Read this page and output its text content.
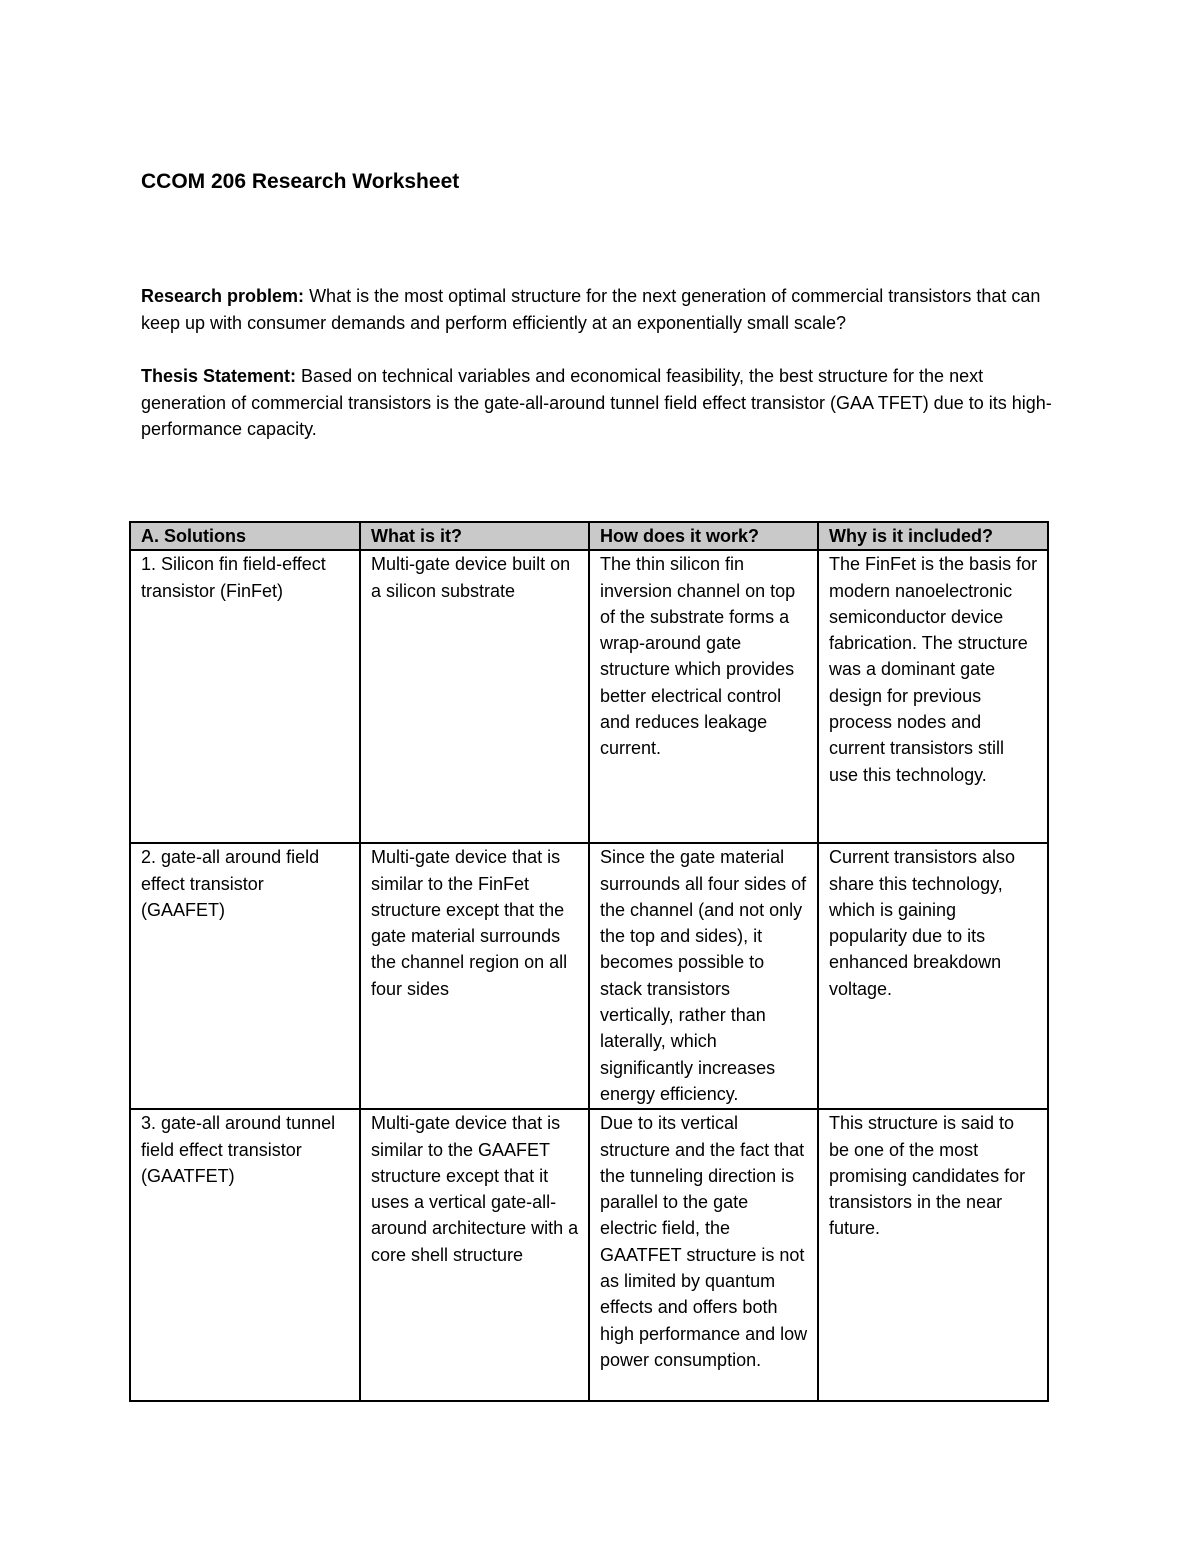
CCOM 206 Research Worksheet
Research problem: What is the most optimal structure for the next generation of commercial transistors that can keep up with consumer demands and perform efficiently at an exponentially small scale?
Thesis Statement: Based on technical variables and economical feasibility, the best structure for the next generation of commercial transistors is the gate-all-around tunnel field effect transistor (GAA TFET) due to its high-performance capacity.
A. Solutions	What is it?	How does it work?	Why is it included?
1. Silicon fin field-effect transistor (FinFet)	Multi-gate device built on a silicon substrate	The thin silicon fin inversion channel on top of the substrate forms a wrap-around gate structure which provides better electrical control and reduces leakage current.	The FinFet is the basis for modern nanoelectronic semiconductor device fabrication. The structure was a dominant gate design for previous process nodes and current transistors still use this technology.
2. gate-all around field effect transistor (GAAFET)	Multi-gate device that is similar to the FinFet structure except that the gate material surrounds the channel region on all four sides	Since the gate material surrounds all four sides of the channel (and not only the top and sides), it becomes possible to stack transistors vertically, rather than laterally, which significantly increases energy efficiency.	Current transistors also share this technology, which is gaining popularity due to its enhanced breakdown voltage.
3. gate-all around tunnel field effect transistor (GAATFET)	Multi-gate device that is similar to the GAAFET structure except that it uses a vertical gate-all-around architecture with a core shell structure	Due to its vertical structure and the fact that the tunneling direction is parallel to the gate electric field, the GAATFET structure is not as limited by quantum effects and offers both high performance and low power consumption.	This structure is said to be one of the most promising candidates for transistors in the near future.
